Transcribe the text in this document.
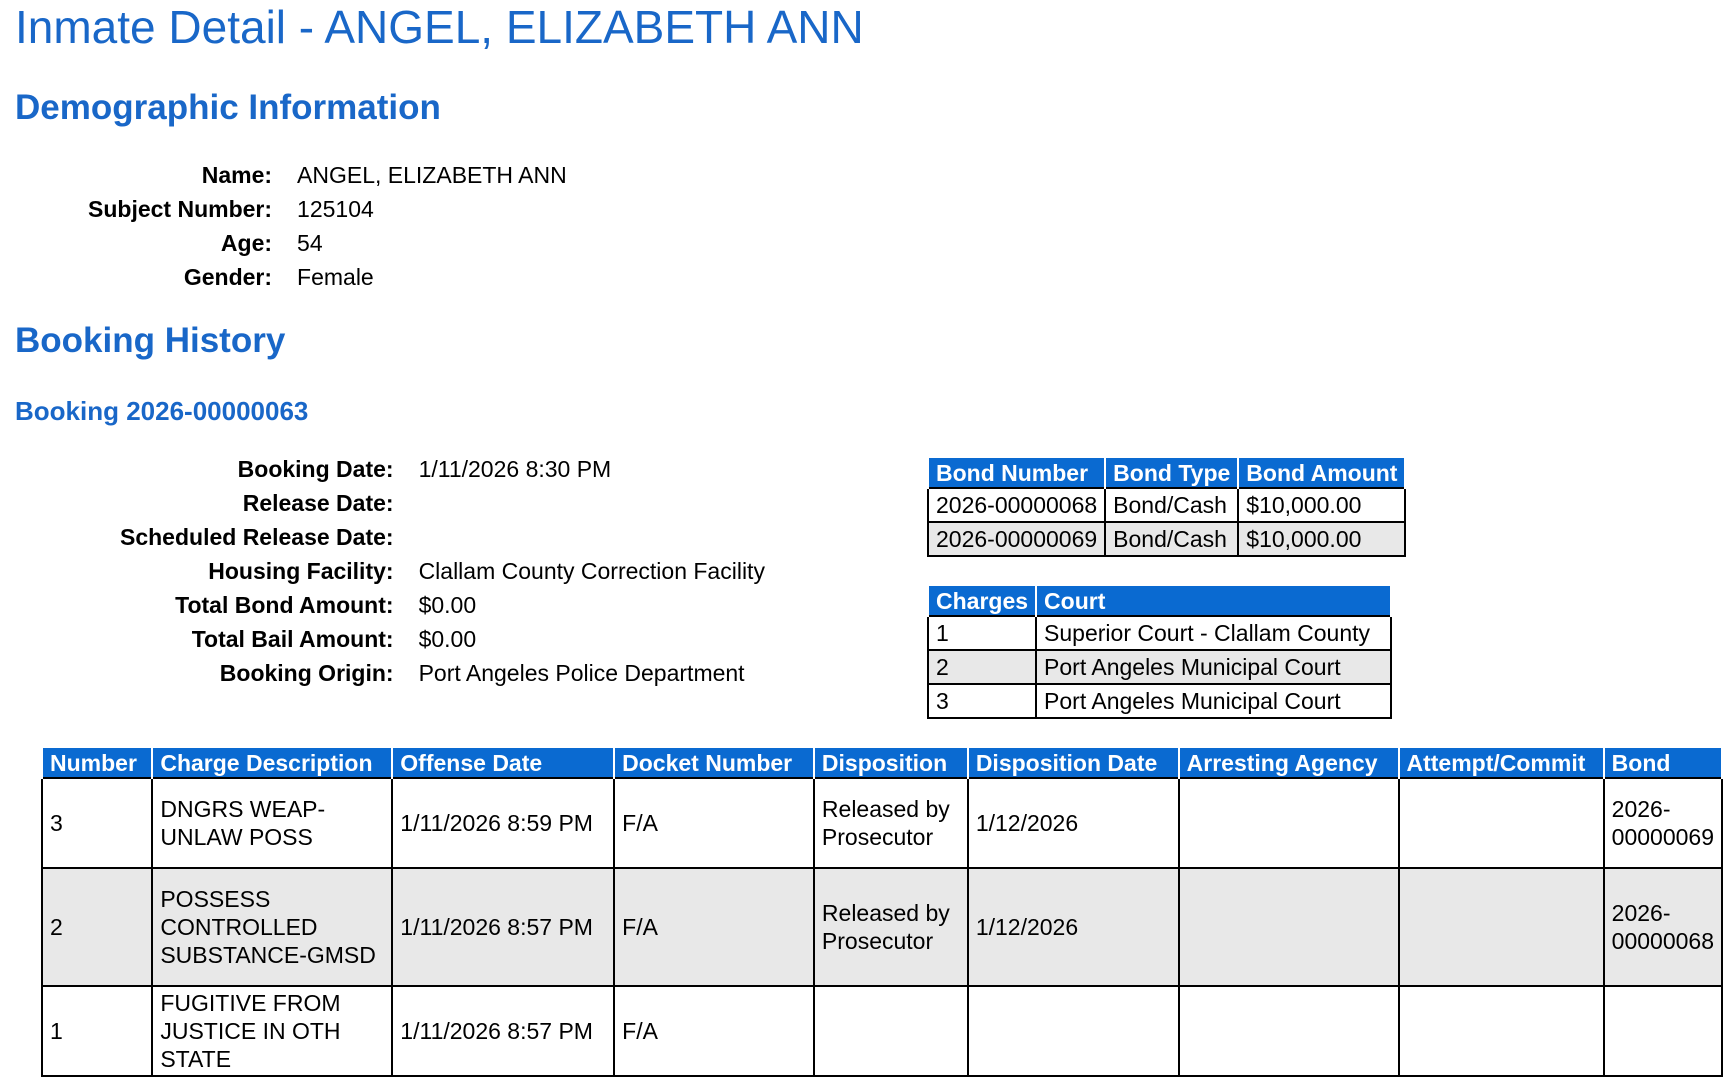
Inmate Detail - ANGEL, ELIZABETH ANN
Demographic Information
Name:	ANGEL, ELIZABETH ANN
Subject Number:	125104
Age:	54
Gender:	Female
Booking History
Booking 2026-00000063
Booking Date:	1/11/2026 8:30 PM
Release Date:	
Scheduled Release Date:	
Housing Facility:	Clallam County Correction Facility
Total Bond Amount:	$0.00
Total Bail Amount:	$0.00
Booking Origin:	Port Angeles Police Department
Bond Number	Bond Type	Bond Amount
2026-00000068	Bond/Cash	$10,000.00
2026-00000069	Bond/Cash	$10,000.00
Charges	Court
1	Superior Court - Clallam County
2	Port Angeles Municipal Court
3	Port Angeles Municipal Court
Number	Charge Description	Offense Date	Docket Number	Disposition	Disposition Date	Arresting Agency	Attempt/Commit	Bond
3	DNGRS WEAP-UNLAW POSS	1/11/2026 8:59 PM	F/A	Released by Prosecutor	1/12/2026			2026-00000069
2	POSSESS CONTROLLED SUBSTANCE-GMSD	1/11/2026 8:57 PM	F/A	Released by Prosecutor	1/12/2026			2026-00000068
1	FUGITIVE FROM JUSTICE IN OTH STATE	1/11/2026 8:57 PM	F/A					
